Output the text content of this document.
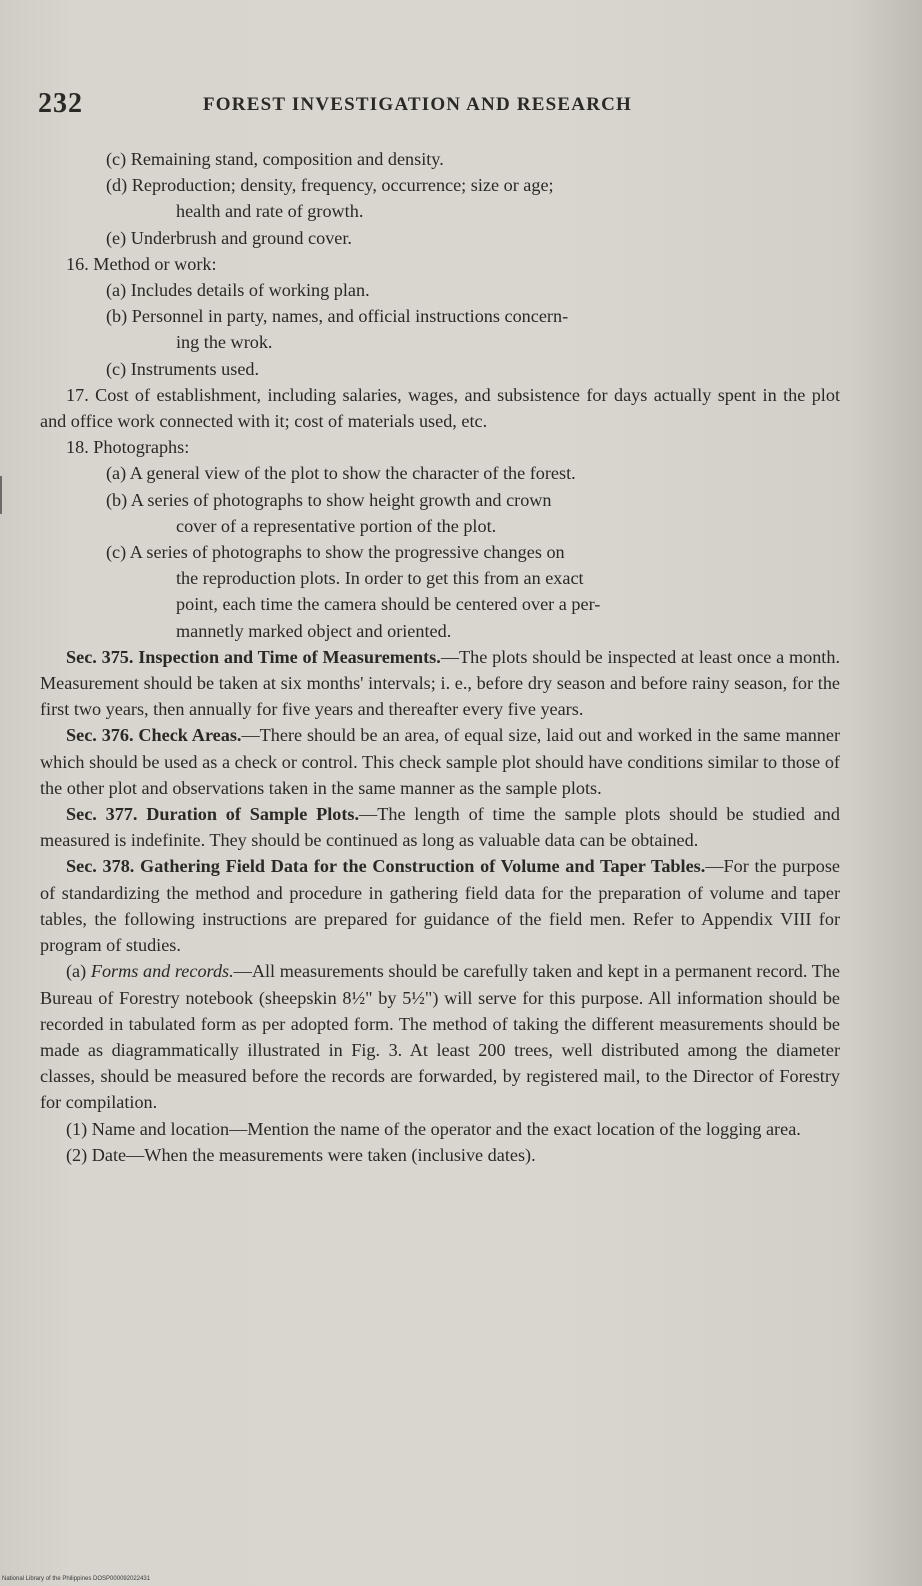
232	FOREST INVESTIGATION AND RESEARCH
(c) Remaining stand, composition and density.
(d) Reproduction; density, frequency, occurrence; size or age;
health and rate of growth.
(e) Underbrush and ground cover.
16. Method or work:
(a) Includes details of working plan.
(b) Personnel in party, names, and official instructions concern-
ing the wrok.
(c) Instruments used.
17. Cost of establishment, including salaries, wages, and subsistence for days actually spent in the plot and office work connected with it; cost of materials used, etc.
18. Photographs:
(a) A general view of the plot to show the character of the forest.
(b) A series of photographs to show height growth and crown
cover of a representative portion of the plot.
(c) A series of photographs to show the progressive changes on
the reproduction plots. In order to get this from an exact
point, each time the camera should be centered over a per-
mannetly marked object and oriented.
Sec. 375. Inspection and Time of Measurements.—The plots should be inspected at least once a month. Measurement should be taken at six months' intervals; i. e., before dry season and before rainy season, for the first two years, then annually for five years and thereafter every five years.
Sec. 376. Check Areas.—There should be an area, of equal size, laid out and worked in the same manner which should be used as a check or control. This check sample plot should have conditions similar to those of the other plot and observations taken in the same manner as the sample plots.
Sec. 377. Duration of Sample Plots.—The length of time the sample plots should be studied and measured is indefinite. They should be continued as long as valuable data can be obtained.
Sec. 378. Gathering Field Data for the Construction of Volume and Taper Tables.—For the purpose of standardizing the method and procedure in gathering field data for the preparation of volume and taper tables, the following instructions are prepared for guidance of the field men. Refer to Appendix VIII for program of studies.
(a) Forms and records.—All measurements should be carefully taken and kept in a permanent record. The Bureau of Forestry notebook (sheepskin 8½" by 5½") will serve for this purpose. All information should be recorded in tabulated form as per adopted form. The method of taking the different measurements should be made as diagrammatically illustrated in Fig. 3. At least 200 trees, well distributed among the diameter classes, should be measured before the records are forwarded, by registered mail, to the Director of Forestry for compilation.
(1) Name and location—Mention the name of the operator and the exact location of the logging area.
(2) Date—When the measurements were taken (inclusive dates).
National Library of the Philippines DOSP000092022431
